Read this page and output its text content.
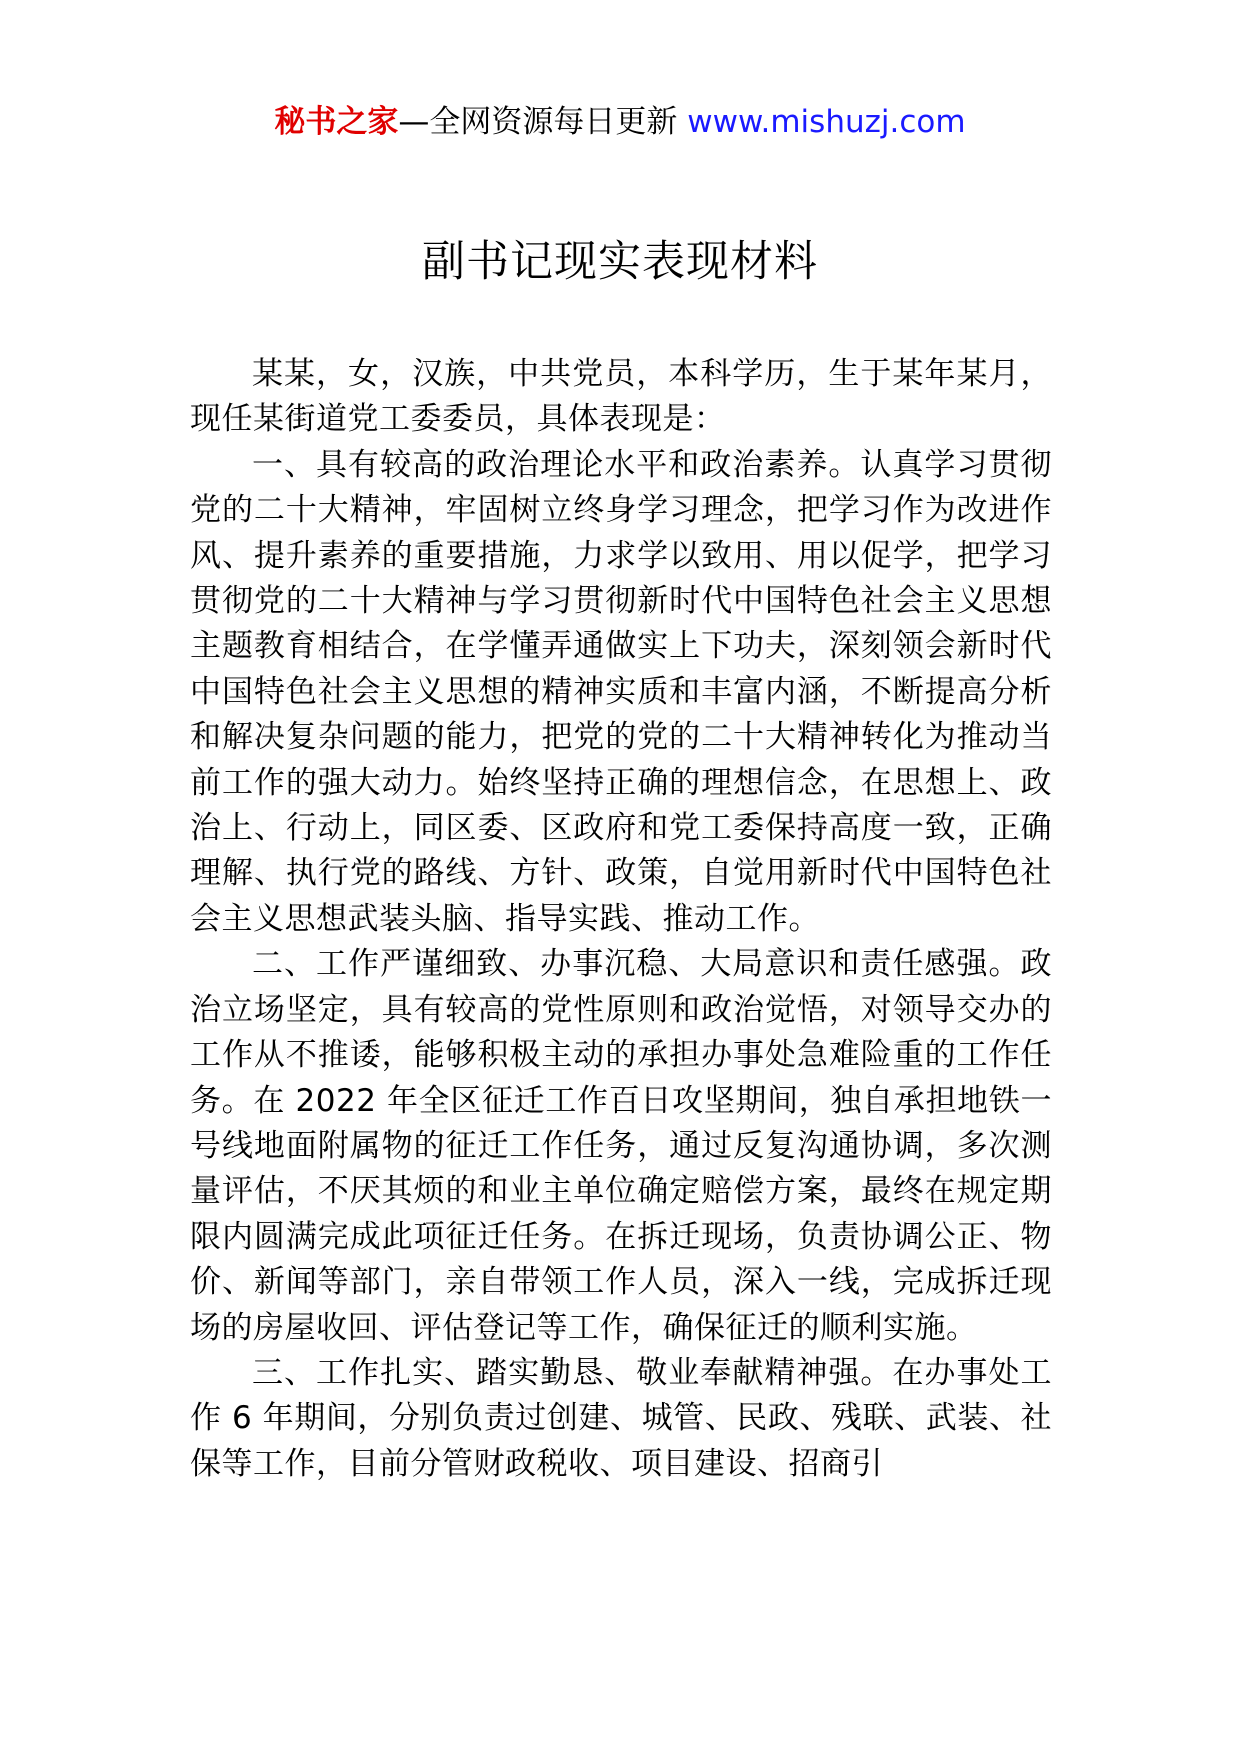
秘书之家—全网资源每日更新 www.mishuzj.com
副书记现实表现材料

某某，女，汉族，中共党员，本科学历，生于某年某月，现任某街道党工委委员，具体表现是：

一、具有较高的政治理论水平和政治素养。认真学习贯彻党的二十大精神，牢固树立终身学习理念，把学习作为改进作风、提升素养的重要措施，力求学以致用、用以促学，把学习贯彻党的二十大精神与学习贯彻新时代中国特色社会主义思想主题教育相结合，在学懂弄通做实上下功夫，深刻领会新时代中国特色社会主义思想的精神实质和丰富内涵，不断提高分析和解决复杂问题的能力，把党的党的二十大精神转化为推动当前工作的强大动力。始终坚持正确的理想信念，在思想上、政治上、行动上，同区委、区政府和党工委保持高度一致，正确理解、执行党的路线、方针、政策，自觉用新时代中国特色社会主义思想武装头脑、指导实践、推动工作。

二、工作严谨细致、办事沉稳、大局意识和责任感强。政治立场坚定，具有较高的党性原则和政治觉悟，对领导交办的工作从不推诿，能够积极主动的承担办事处急难险重的工作任务。在 2022 年全区征迁工作百日攻坚期间，独自承担地铁一号线地面附属物的征迁工作任务，通过反复沟通协调，多次测量评估，不厌其烦的和业主单位确定赔偿方案，最终在规定期限内圆满完成此项征迁任务。在拆迁现场，负责协调公正、物价、新闻等部门，亲自带领工作人员，深入一线，完成拆迁现场的房屋收回、评估登记等工作，确保征迁的顺利实施。

三、工作扎实、踏实勤恳、敬业奉献精神强。在办事处工作 6 年期间，分别负责过创建、城管、民政、残联、武装、社保等工作，目前分管财政税收、项目建设、招商引
